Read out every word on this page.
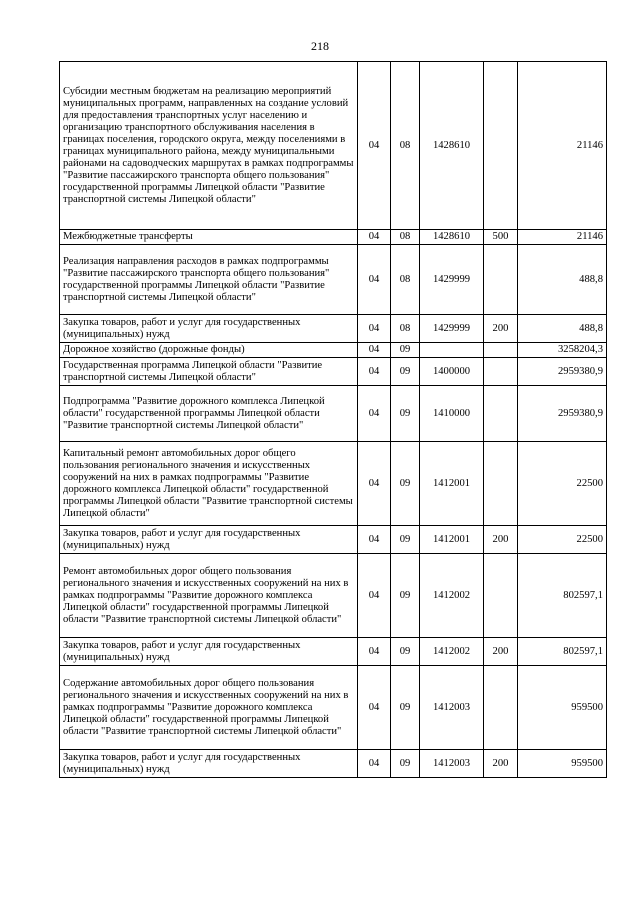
218
Субсидии местным бюджетам на реализацию мероприятий муниципальных программ, направленных на создание условий для предоставления транспортных услуг населению и организацию транспортного обслуживания населения в границах поселения, городского округа, между поселениями в границах муниципального района, между муниципальными районами на садоводческих маршрутах в рамках подпрограммы "Развитие пассажирского транспорта общего пользования" государственной программы Липецкой области "Развитие транспортной системы Липецкой области"	04	08	1428610		21146
Межбюджетные трансферты	04	08	1428610	500	21146
Реализация направления расходов в рамках подпрограммы "Развитие пассажирского транспорта общего пользования" государственной программы Липецкой области "Развитие транспортной системы Липецкой области"	04	08	1429999		488,8
Закупка товаров, работ и услуг для государственных (муниципальных) нужд	04	08	1429999	200	488,8
Дорожное хозяйство (дорожные фонды)	04	09			3258204,3
Государственная программа Липецкой области "Развитие транспортной системы Липецкой области"	04	09	1400000		2959380,9
Подпрограмма "Развитие дорожного комплекса Липецкой области" государственной программы Липецкой области "Развитие транспортной системы Липецкой области"	04	09	1410000		2959380,9
Капитальный ремонт автомобильных дорог общего пользования регионального значения и искусственных сооружений на них в рамках подпрограммы "Развитие дорожного комплекса Липецкой области" государственной программы Липецкой области "Развитие транспортной системы Липецкой области"	04	09	1412001		22500
Закупка товаров, работ и услуг для государственных (муниципальных) нужд	04	09	1412001	200	22500
Ремонт автомобильных дорог общего пользования регионального значения и искусственных сооружений на них в рамках подпрограммы "Развитие дорожного комплекса Липецкой области" государственной программы Липецкой области "Развитие транспортной системы Липецкой области"	04	09	1412002		802597,1
Закупка товаров, работ и услуг для государственных (муниципальных) нужд	04	09	1412002	200	802597,1
Содержание автомобильных дорог общего пользования регионального значения и искусственных сооружений на них в рамках подпрограммы "Развитие дорожного комплекса Липецкой области" государственной программы Липецкой области "Развитие транспортной системы Липецкой области"	04	09	1412003		959500
Закупка товаров, работ и услуг для государственных (муниципальных) нужд	04	09	1412003	200	959500
